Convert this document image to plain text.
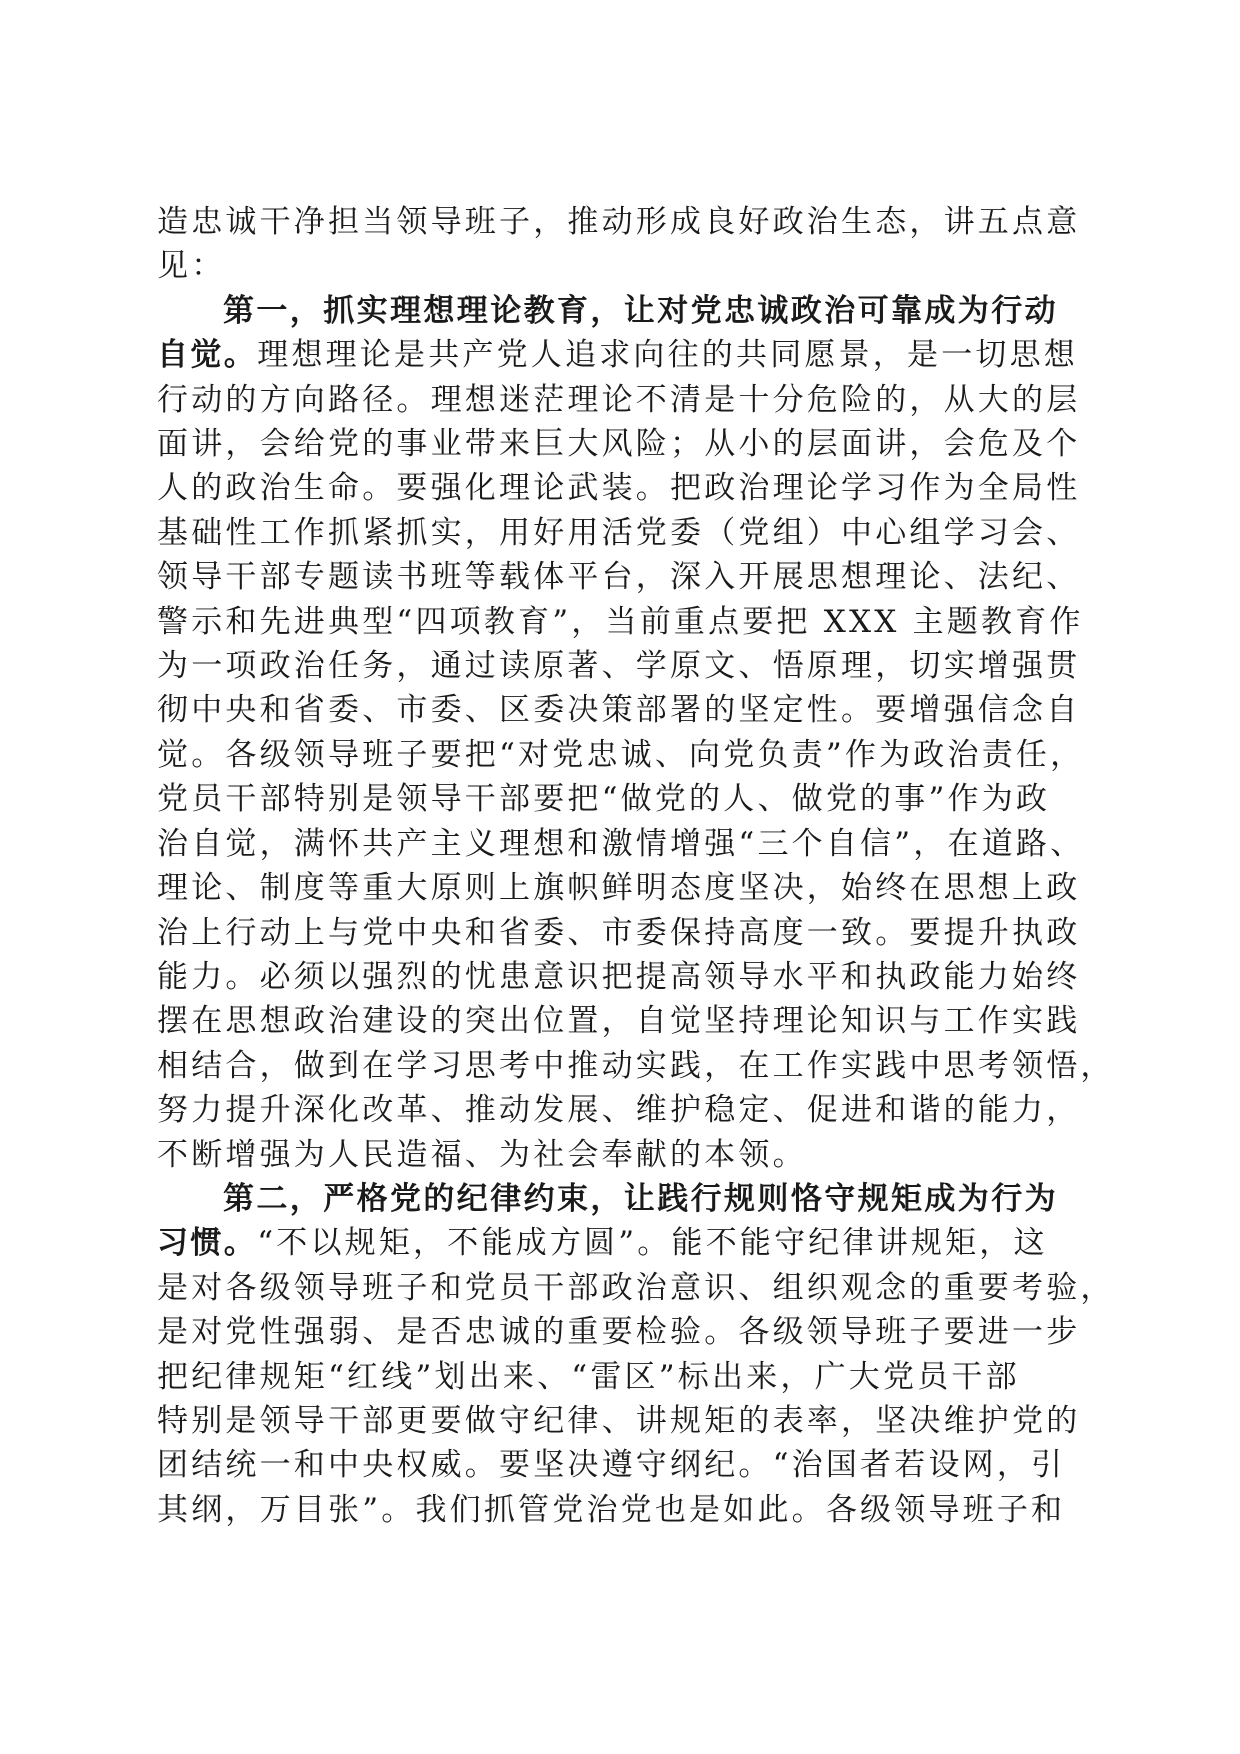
造忠诚干净担当领导班子，推动形成良好政治生态，讲五点意
见：

第一，抓实理想理论教育，让对党忠诚政治可靠成为行动
自觉。理想理论是共产党人追求向往的共同愿景，是一切思想
行动的方向路径。理想迷茫理论不清是十分危险的，从大的层
面讲，会给党的事业带来巨大风险；从小的层面讲，会危及个
人的政治生命。要强化理论武装。把政治理论学习作为全局性
基础性工作抓紧抓实，用好用活党委（党组）中心组学习会、
领导干部专题读书班等载体平台，深入开展思想理论、法纪、
警示和先进典型“四项教育”，当前重点要把 XXX 主题教育作
为一项政治任务，通过读原著、学原文、悟原理，切实增强贯
彻中央和省委、市委、区委决策部署的坚定性。要增强信念自
觉。各级领导班子要把“对党忠诚、向党负责”作为政治责任，
党员干部特别是领导干部要把“做党的人、做党的事”作为政
治自觉，满怀共产主义理想和激情增强“三个自信”，在道路、
理论、制度等重大原则上旗帜鲜明态度坚决，始终在思想上政
治上行动上与党中央和省委、市委保持高度一致。要提升执政
能力。必须以强烈的忧患意识把提高领导水平和执政能力始终
摆在思想政治建设的突出位置，自觉坚持理论知识与工作实践
相结合，做到在学习思考中推动实践，在工作实践中思考领悟，
努力提升深化改革、推动发展、维护稳定、促进和谐的能力，
不断增强为人民造福、为社会奉献的本领。

第二，严格党的纪律约束，让践行规则恪守规矩成为行为
习惯。“不以规矩，不能成方圆”。能不能守纪律讲规矩，这
是对各级领导班子和党员干部政治意识、组织观念的重要考验，
是对党性强弱、是否忠诚的重要检验。各级领导班子要进一步
把纪律规矩“红线”划出来、“雷区”标出来，广大党员干部
特别是领导干部更要做守纪律、讲规矩的表率，坚决维护党的
团结统一和中央权威。要坚决遵守纲纪。“治国者若设网，引
其纲，万目张”。我们抓管党治党也是如此。各级领导班子和
